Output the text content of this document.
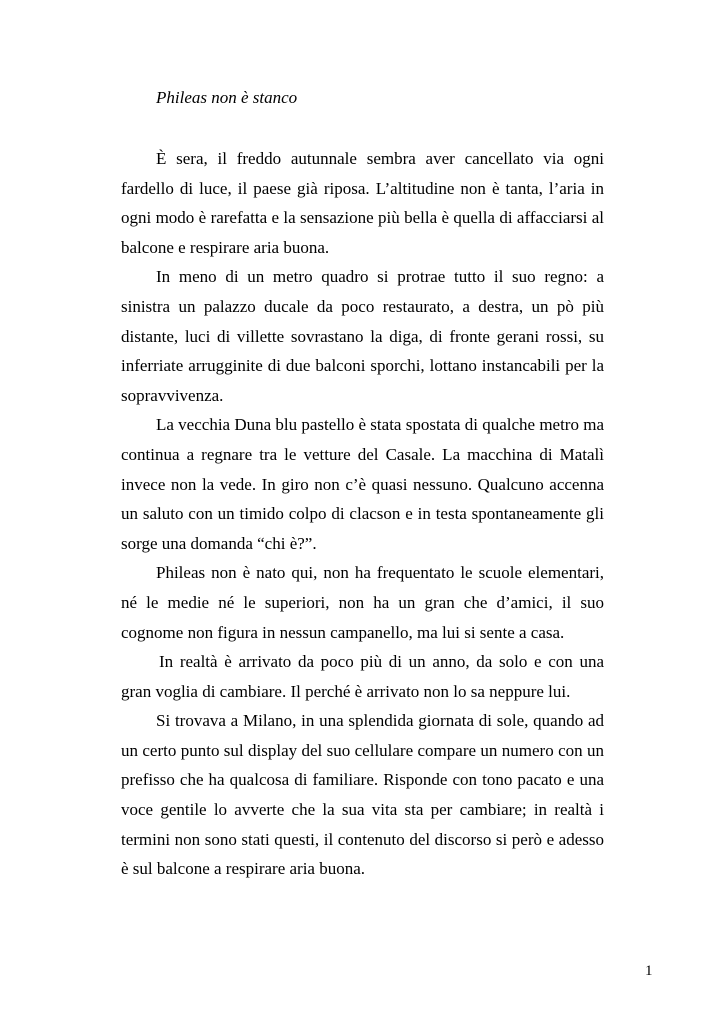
Phileas non è stanco

È sera, il freddo autunnale sembra aver cancellato via ogni fardello di luce, il paese già riposa. L’altitudine non è tanta, l’aria in ogni modo è rarefatta e la sensazione più bella è quella di affacciarsi al balcone e respirare aria buona.

In meno di un metro quadro si protrae tutto il suo regno: a sinistra un palazzo ducale da poco restaurato, a destra, un pò più distante, luci di villette sovrastano la diga, di fronte gerani rossi, su inferriate arrugginite di due balconi sporchi, lottano instancabili per la sopravvivenza.

La vecchia Duna blu pastello è stata spostata di qualche metro ma continua a regnare tra le vetture del Casale. La macchina di Matalì invece non la vede. In giro non c’è quasi nessuno. Qualcuno accenna un saluto con un timido colpo di clacson e in testa spontaneamente gli sorge una domanda “chi è?”.

Phileas non è nato qui, non ha frequentato le scuole elementari, né le medie né le superiori, non ha un gran che d’amici, il suo cognome non figura in nessun campanello, ma lui si sente a casa.

In realtà è arrivato da poco più di un anno, da solo e con una gran voglia di cambiare. Il perché è arrivato non lo sa neppure lui.

Si trovava a Milano, in una splendida giornata di sole, quando ad un certo punto sul display del suo cellulare compare un numero con un prefisso che ha qualcosa di familiare. Risponde con tono pacato e una voce gentile lo avverte che la sua vita sta per cambiare; in realtà i termini non sono stati questi, il contenuto del discorso si però e adesso è sul balcone a respirare aria buona.

1
